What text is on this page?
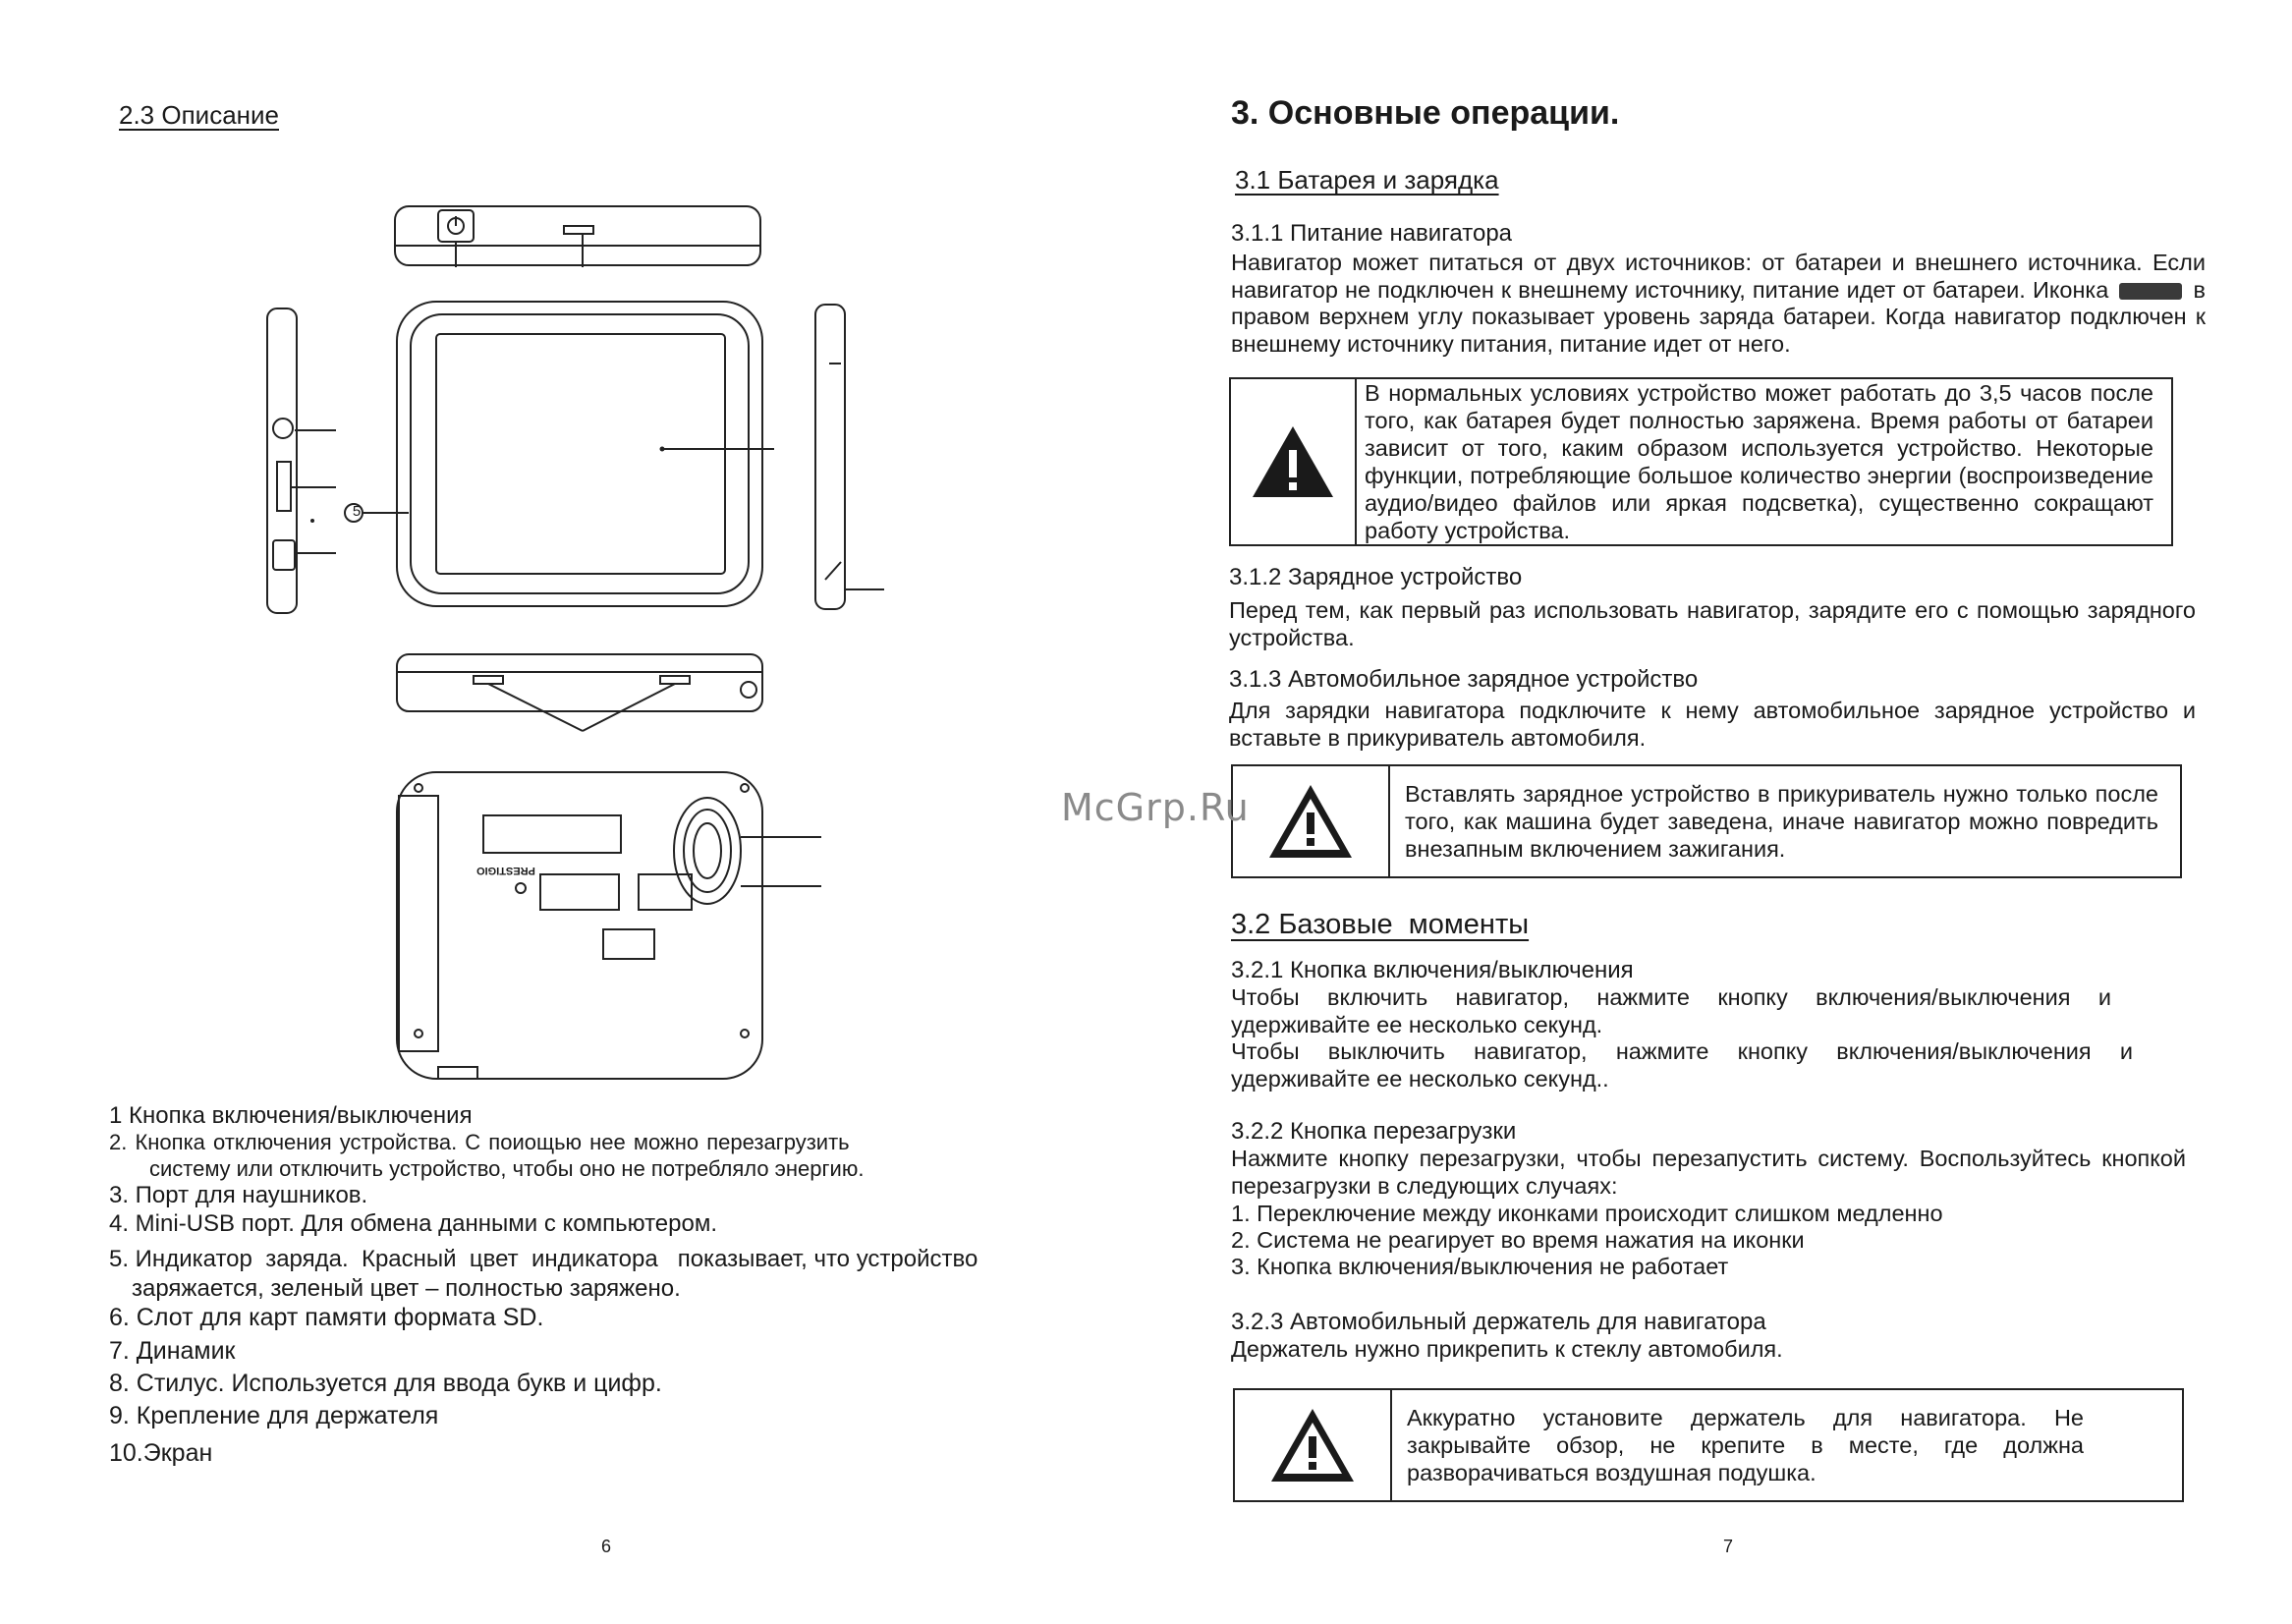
2.3 Описание
5
PRESTIGIO
1 Кнопка включения/выключения
2. Кнопка отключения устройства. С поиощью нее можно перезагрузить
системy или отключить устройство, чтобы оно не потребляло энергию.
3. Порт для наушников.
4. Mini-USB порт. Для обмена данными с компьютером.
5. Индикатор  заряда.  Красный  цвет  индикатора   показывает, что устройство
заряжается, зеленый цвет – полностью заряжено.
6. Слот для карт памяти формата SD.
7. Динамик
8. Стилус. Используется для ввода букв и цифр.
9. Крепление для держателя
10.Экран
6
3. Основные операции.
3.1 Батарея и зарядка
3.1.1 Питание навигатора
Навигатор может питаться от двух источников: от батареи и внешнего источника. Если навигатор не подключен к внешнему источнику, питание идет от батареи. Иконка	в правом верхнем углу показывает уровень заряда батареи. Когда навигатор подключен к внешнему источнику питания, питание идет от него.
В нормальных условиях устройство может работать до 3,5 часов после того, как батарея будет полностью заряжена. Время работы от батареи зависит от того, каким образом используется устройство. Некоторые функции, потребляющие большое количество энергии (воспроизведение аудио/видео файлов или яркая подсветка), существенно сокращают работу устройства.
3.1.2 Зарядное устройство
Перед тем, как первый раз использовать навигатор, зарядите его с помощью зарядного устройства.
3.1.3 Автомобильное зарядное устройство
Для зарядки навигатора подключите к нему автомобильное зарядное устройство и вставьте в прикуриватель автомобиля.
Вставлять зарядное устройство в прикуриватель нужно только после того, как машина будет заведена, иначе навигатор можно повредить внезапным включением зажигания.
McGrp.Ru
3.2 Базовые  моменты
3.2.1 Кнопка включения/выключения
Чтобы включить навигатор, нажмите кнопку включения/выключения и удерживайте ее несколько секунд.
Чтобы выключить навигатор, нажмите кнопку включения/выключения и удерживайте ее несколько секунд..
3.2.2 Кнопка перезагрузки
Нажмите кнопку перезагрузки, чтобы перезапустить систему. Воспользуйтесь кнопкой перезагрузки в следующих случаях:
1. Переключение между иконками происходит слишком медленно
2. Система не реагирует во время нажатия на иконки
3. Кнопка включения/выключения не работает
3.2.3 Автомобильный держатель для навигатора
Держатель нужно прикрепить к стеклу автомобиля.
Аккуратно установите держатель для навигатора. Не закрывайте обзор, не крепите в месте, где должна разворачиваться воздушная подушка.
7
